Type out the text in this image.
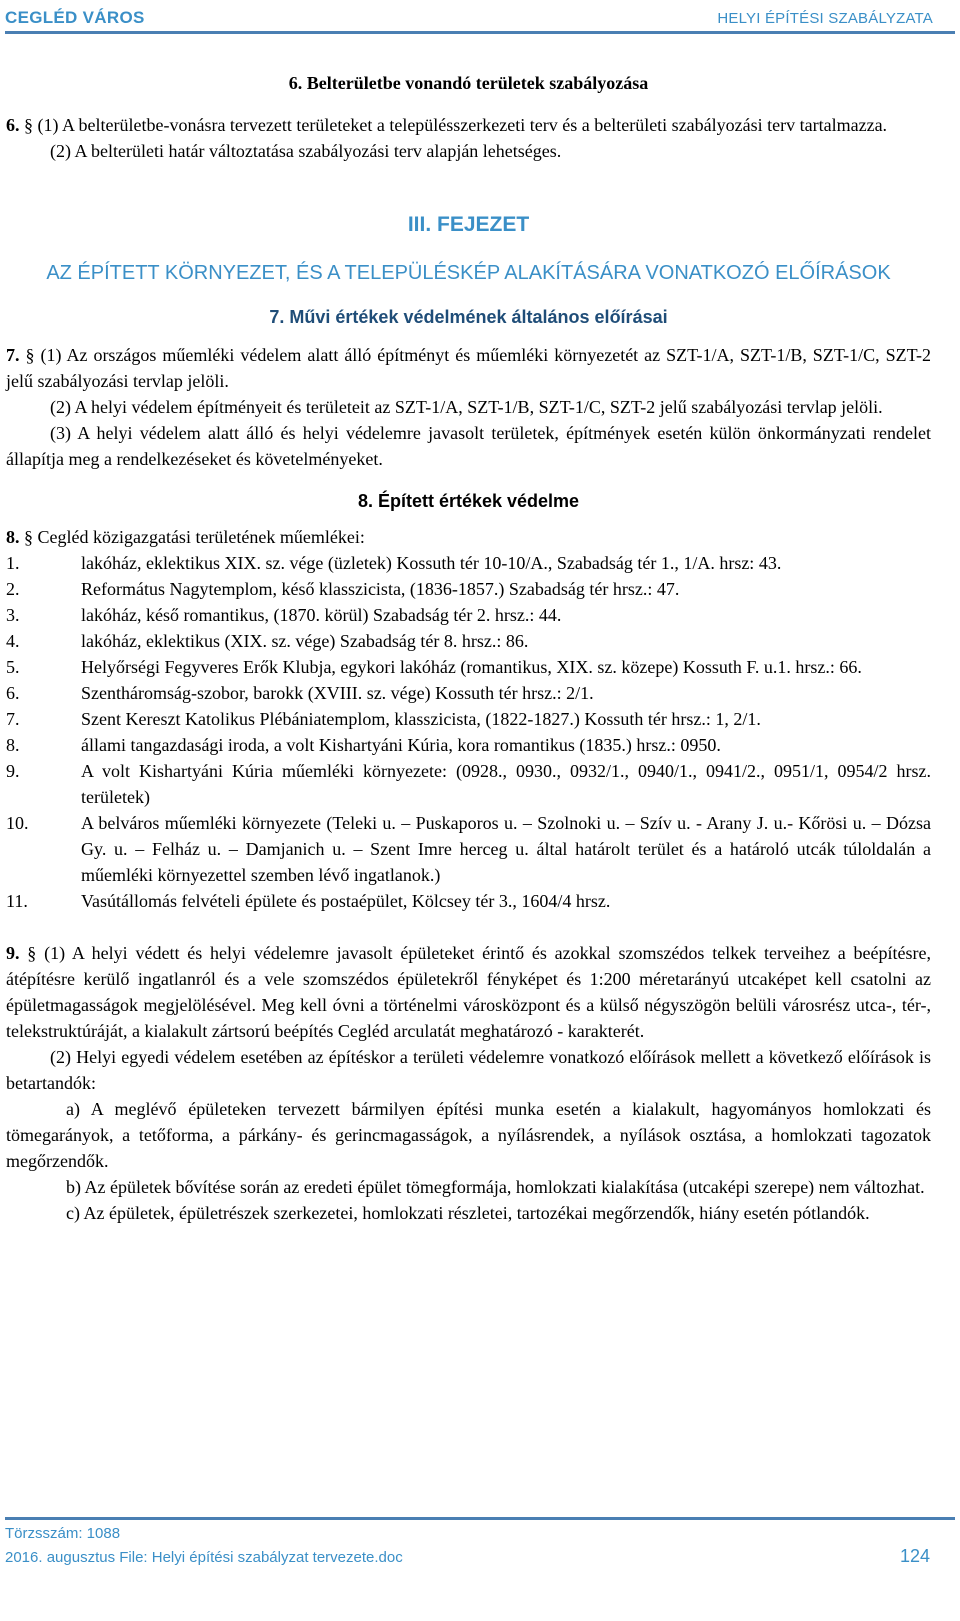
CEGLÉD VÁROS	HELYI ÉPÍTÉSI SZABÁLYZATA
6. Belterületbe vonandó területek szabályozása

6. § (1) A belterületbe-vonásra tervezett területeket a településszerkezeti terv és a belterületi szabályozási terv tartalmazza.

(2) A belterületi határ változtatása szabályozási terv alapján lehetséges.

III. FEJEZET
AZ ÉPÍTETT KÖRNYEZET, ÉS A TELEPÜLÉSKÉP ALAKÍTÁSÁRA VONATKOZÓ ELŐÍRÁSOK
7. Művi értékek védelmének általános előírásai

7. § (1) Az országos műemléki védelem alatt álló építményt és műemléki környezetét az SZT-1/A, SZT-1/B, SZT-1/C, SZT-2 jelű szabályozási tervlap jelöli.

(2) A helyi védelem építményeit és területeit az SZT-1/A, SZT-1/B, SZT-1/C, SZT-2 jelű szabályozási tervlap jelöli.

(3) A helyi védelem alatt álló és helyi védelemre javasolt területek, építmények esetén külön önkormányzati rendelet állapítja meg a rendelkezéseket és követelményeket.

8. Épített értékek védelme

8. § Cegléd közigazgatási területének műemlékei:

1.	lakóház, eklektikus XIX. sz. vége (üzletek) Kossuth tér 10-10/A., Szabadság tér 1., 1/A. hrsz: 43.
2.	Református Nagytemplom, késő klasszicista, (1836-1857.) Szabadság tér hrsz.: 47.
3.	lakóház, késő romantikus, (1870. körül) Szabadság tér 2. hrsz.: 44.
4.	lakóház, eklektikus (XIX. sz. vége) Szabadság tér 8. hrsz.: 86.
5.	Helyőrségi Fegyveres Erők Klubja, egykori lakóház (romantikus, XIX. sz. közepe) Kossuth F. u.1. hrsz.: 66.
6.	Szentháromság-szobor, barokk (XVIII. sz. vége) Kossuth tér hrsz.: 2/1.
7.	Szent Kereszt Katolikus Plébániatemplom, klasszicista, (1822-1827.) Kossuth tér hrsz.: 1, 2/1.
8.	állami tangazdasági iroda, a volt Kishartyáni Kúria, kora romantikus (1835.) hrsz.: 0950.
9.	A volt Kishartyáni Kúria műemléki környezete: (0928., 0930., 0932/1., 0940/1., 0941/2., 0951/1, 0954/2 hrsz. területek)
10.	A belváros műemléki környezete (Teleki u. – Puskaporos u. – Szolnoki u. – Szív u. - Arany J. u.- Kőrösi u. – Dózsa Gy. u. – Felház u. – Damjanich u. – Szent Imre herceg u. által határolt terület és a határoló utcák túloldalán a műemléki környezettel szemben lévő ingatlanok.)
11.	Vasútállomás felvételi épülete és postaépület, Kölcsey tér 3., 1604/4 hrsz.

9. § (1) A helyi védett és helyi védelemre javasolt épületeket érintő és azokkal szomszédos telkek terveihez a beépítésre, átépítésre kerülő ingatlanról és a vele szomszédos épületekről fényképet és 1:200 méretarányú utcaképet kell csatolni az épületmagasságok megjelölésével. Meg kell óvni a történelmi városközpont és a külső négyszögön belüli városrész utca-, tér-, telekstruktúráját, a kialakult zártsorú beépítés Cegléd arculatát meghatározó - karakterét.

(2) Helyi egyedi védelem esetében az építéskor a területi védelemre vonatkozó előírások mellett a következő előírások is betartandók:

a) A meglévő épületeken tervezett bármilyen építési munka esetén a kialakult, hagyományos homlokzati és tömegarányok, a tetőforma, a párkány- és gerincmagasságok, a nyílásrendek, a nyílások osztása, a homlokzati tagozatok megőrzendők.

b) Az épületek bővítése során az eredeti épület tömegformája, homlokzati kialakítása (utcaképi szerepe) nem változhat.

c) Az épületek, épületrészek szerkezetei, homlokzati részletei, tartozékai megőrzendők, hiány esetén pótlandók.

Törzsszám: 1088
2016. augusztus File: Helyi építési szabályzat tervezete.doc	124
